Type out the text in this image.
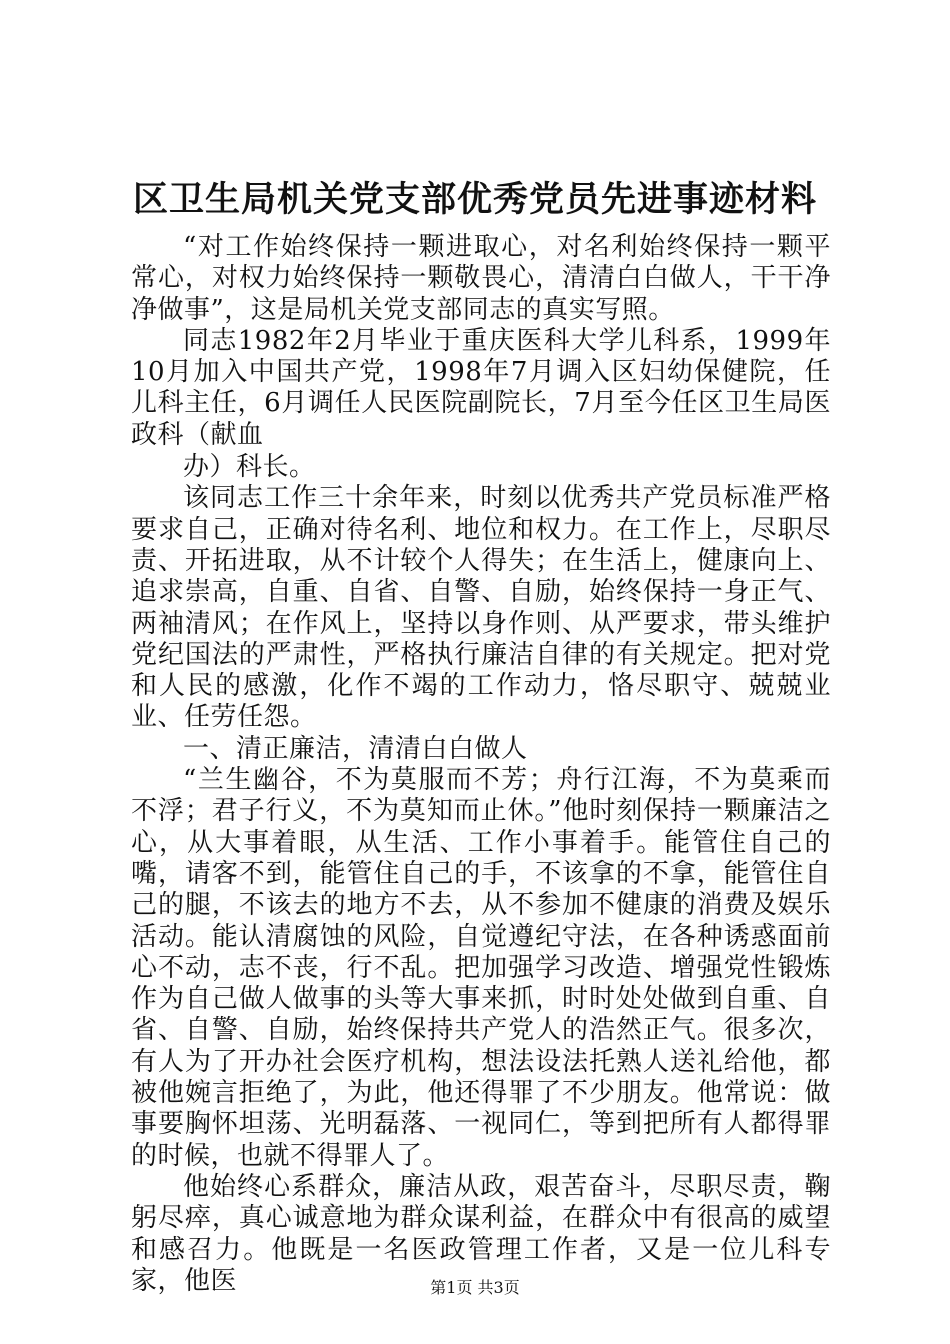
区卫生局机关党支部优秀党员先进事迹材料

“对工作始终保持一颗进取心，对名利始终保持一颗平常心，对权力始终保持一颗敬畏心，清清白白做人，干干净净做事”，这是局机关党支部同志的真实写照。

同志1982年2月毕业于重庆医科大学儿科系，1999年10月加入中国共产党，1998年7月调入区妇幼保健院，任儿科主任，6月调任人民医院副院长，7月至今任区卫生局医政科（献血

办）科长。

该同志工作三十余年来，时刻以优秀共产党员标准严格要求自己，正确对待名利、地位和权力。在工作上，尽职尽责、开拓进取，从不计较个人得失；在生活上，健康向上、追求崇高，自重、自省、自警、自励，始终保持一身正气、两袖清风；在作风上，坚持以身作则、从严要求，带头维护党纪国法的严肃性，严格执行廉洁自律的有关规定。把对党和人民的感激，化作不竭的工作动力，恪尽职守、兢兢业业、任劳任怨。

一、清正廉洁，清清白白做人

“兰生幽谷，不为莫服而不芳；舟行江海，不为莫乘而不浮；君子行义，不为莫知而止休。”他时刻保持一颗廉洁之心，从大事着眼，从生活、工作小事着手。能管住自己的嘴，请客不到，能管住自己的手，不该拿的不拿，能管住自己的腿，不该去的地方不去，从不参加不健康的消费及娱乐活动。能认清腐蚀的风险，自觉遵纪守法，在各种诱惑面前心不动，志不丧，行不乱。把加强学习改造、增强党性锻炼作为自己做人做事的头等大事来抓，时时处处做到自重、自省、自警、自励，始终保持共产党人的浩然正气。很多次，有人为了开办社会医疗机构，想法设法托熟人送礼给他，都被他婉言拒绝了，为此，他还得罪了不少朋友。他常说：做事要胸怀坦荡、光明磊落、一视同仁，等到把所有人都得罪的时候，也就不得罪人了。

他始终心系群众，廉洁从政，艰苦奋斗，尽职尽责，鞠躬尽瘁，真心诚意地为群众谋利益，在群众中有很高的威望和感召力。他既是一名医政管理工作者，又是一位儿科专家，他医	第1页 共3页
